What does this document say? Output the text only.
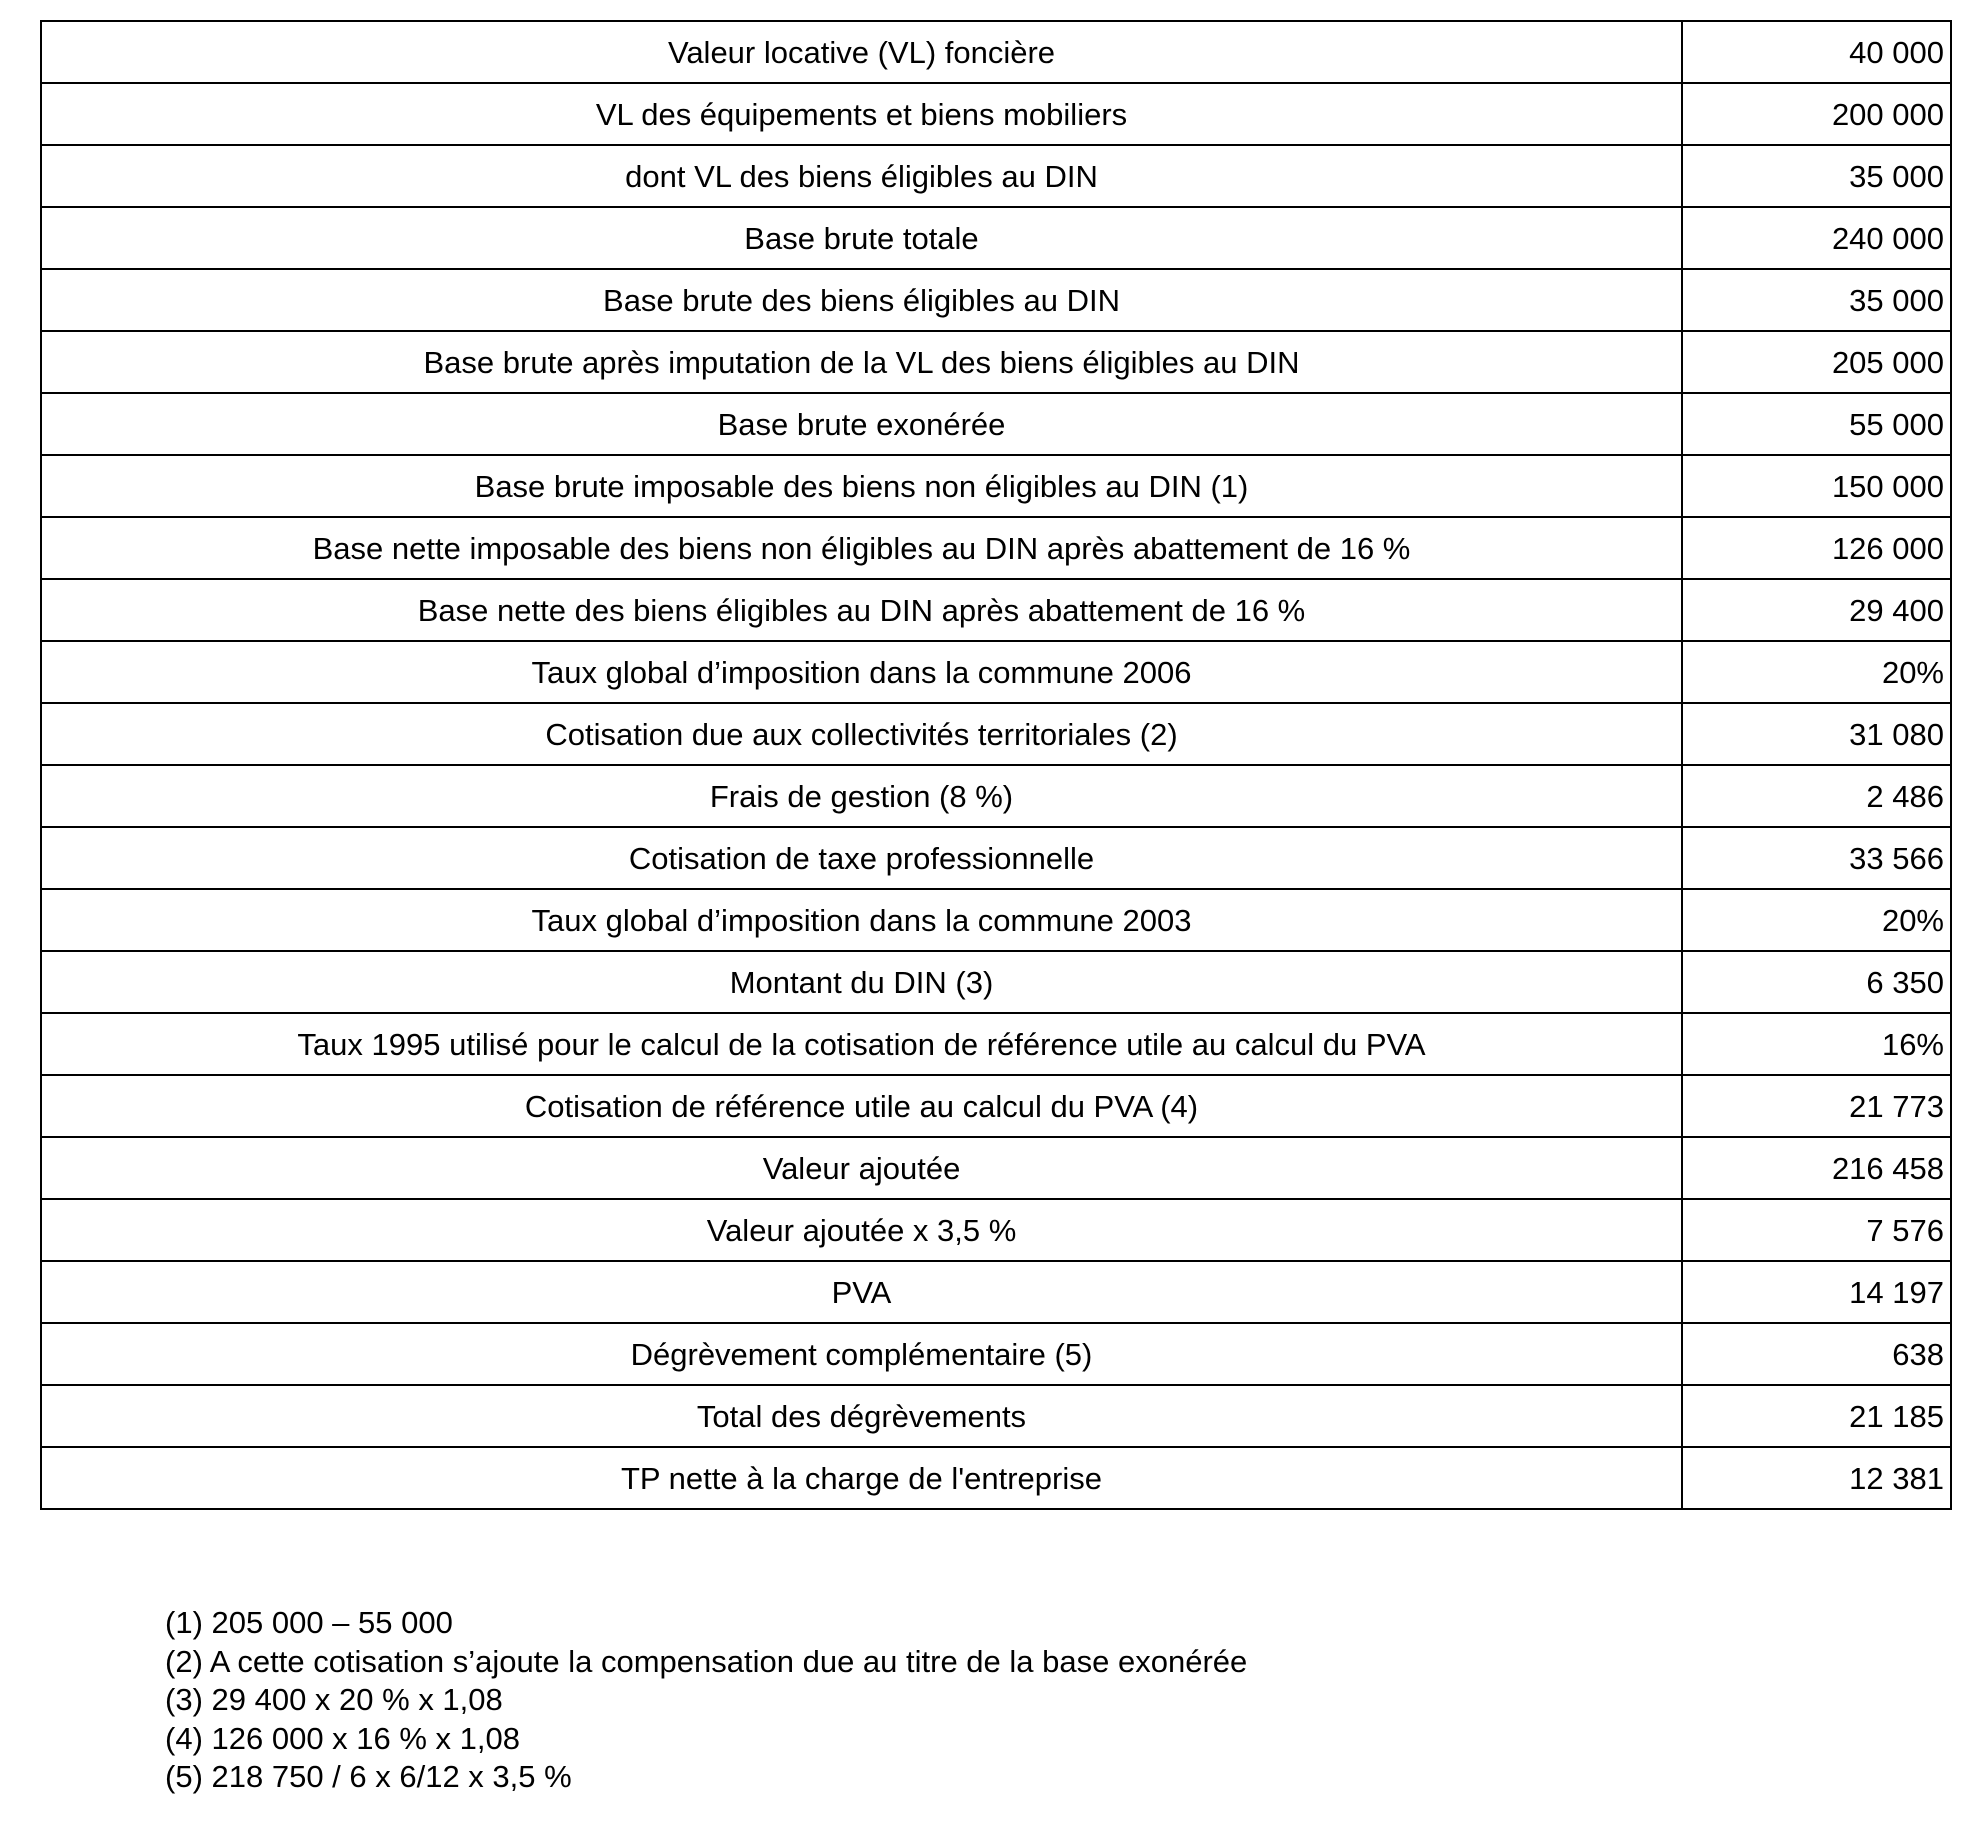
Valeur locative (VL) foncière	40 000
VL des équipements et biens mobiliers	200 000
dont VL des biens éligibles au DIN	35 000
Base brute totale	240 000
Base brute des biens éligibles au DIN	35 000
Base brute après imputation de la VL des biens éligibles au DIN	205 000
Base brute exonérée	55 000
Base brute imposable des biens non éligibles au DIN (1)	150 000
Base nette imposable des biens non éligibles au DIN après abattement de 16 %	126 000
Base nette des biens éligibles au DIN après abattement de 16 %	29 400
Taux global d’imposition dans la commune 2006	20%
Cotisation due aux collectivités territoriales (2)	31 080
Frais de gestion (8 %)	2 486
Cotisation de taxe professionnelle	33 566
Taux global d’imposition dans la commune 2003	20%
Montant du DIN (3)	6 350
Taux 1995 utilisé pour le calcul de la cotisation de référence utile au calcul du PVA	16%
Cotisation de référence utile au calcul du PVA (4)	21 773
Valeur ajoutée	216 458
Valeur ajoutée x 3,5 %	7 576
PVA	14 197
Dégrèvement complémentaire (5)	638
Total des dégrèvements	21 185
TP nette à la charge de l'entreprise	12 381
(1) 205 000 – 55 000
(2) A cette cotisation s’ajoute la compensation due au titre de la base exonérée
(3) 29 400 x 20 % x 1,08
(4) 126 000 x 16 % x 1,08
(5) 218 750 / 6 x 6/12 x 3,5 %
